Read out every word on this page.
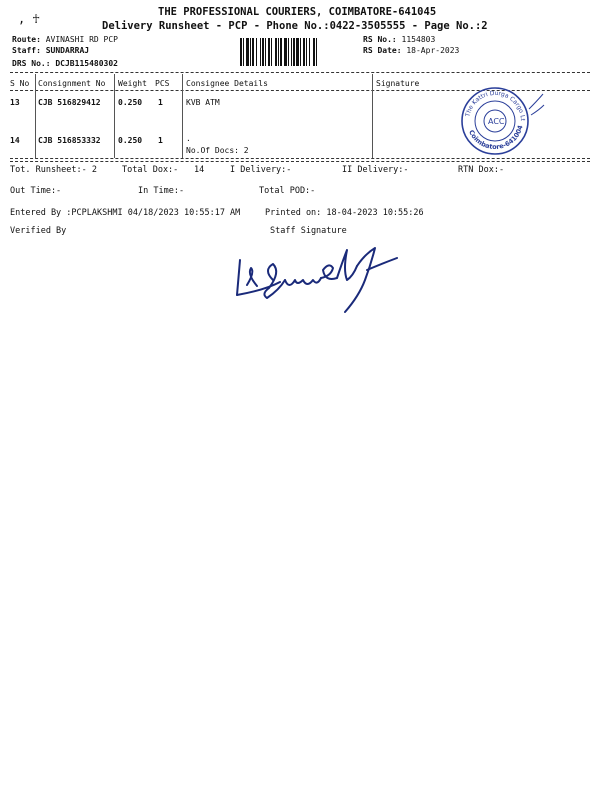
THE PROFESSIONAL COURIERS, COIMBATORE-641045
Delivery Runsheet - PCP - Phone No.:0422-3505555 - Page No.:2
, ☥
Route: AVINASHI RD PCP
Staff: SUNDARRAJ
DRS No.: DCJB115480302
RS No.: 1154803
RS Date: 18-Apr-2023
S No Consignment No Weight PCS Consignee Details	Signature
13 CJB 516829412 0.250 1	KVB ATM
14 CJB 516853332 0.250 1	.
No.Of Docs: 2
The Kattri Durga Cargo Lt
Coimbatore-641004
ACC
Tot. Runsheet:- 2	Total Dox:- 14	I Delivery:-	II Delivery:-	RTN Dox:-
Out Time:-	In Time:-	Total POD:-
Entered By :PCPLAKSHMI 04/18/2023 10:55:17 AM	Printed on: 18-04-2023 10:55:26
Verified By	Staff Signature
